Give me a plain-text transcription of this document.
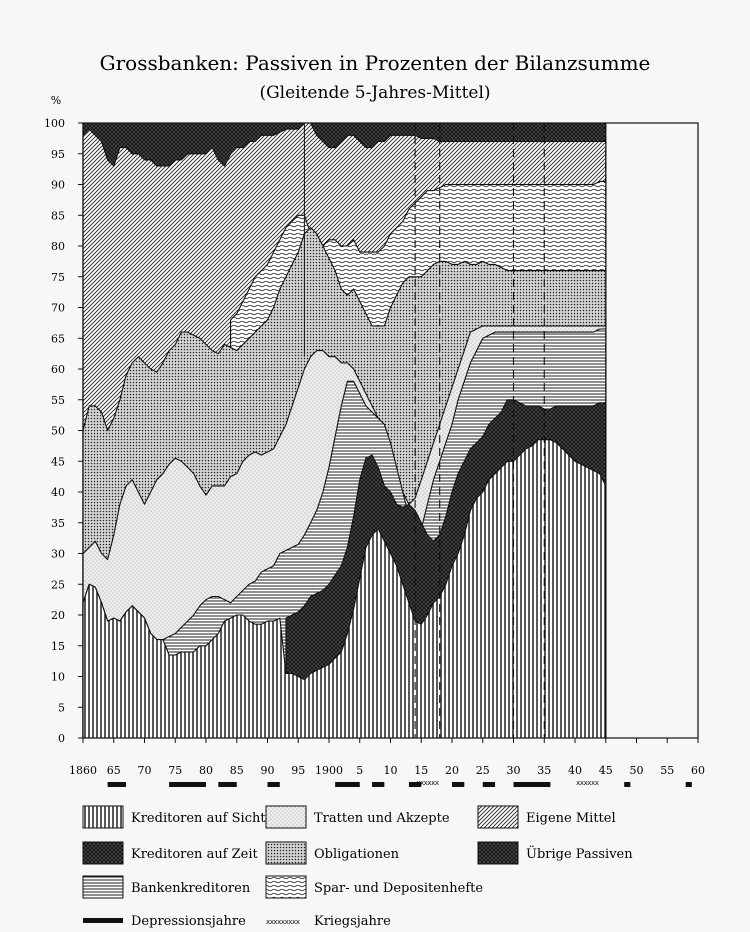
Grossbanken: Passiven in Prozenten der Bilanzsumme
(Gleitende 5-Jahres-Mittel)
%
0
5
10
15
20
25
30
35
40
45
50
55
60
65
70
75
80
85
90
95
100
1860 65 70 75 80 85 90 95 1900 5 10 15 20 25 30 35 40 45 50 55 60
xxxxxx	xxxxxx
Kreditoren auf Sicht	Tratten und Akzepte	Eigene Mittel
Kreditoren auf Zeit	Obligationen	Übrige Passiven
Bankenkreditoren	Spar- und Depositenhefte
Depressionsjahre	xxxxxxxxx Kriegsjahre
